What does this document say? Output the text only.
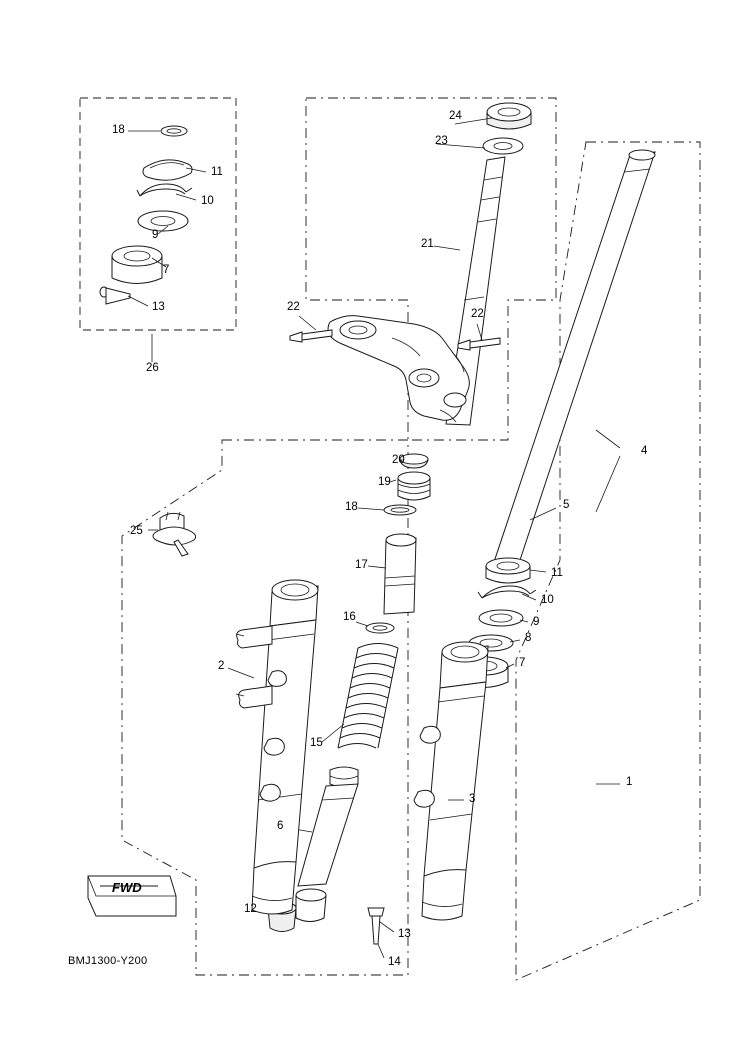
18
11
10
9
7
13
26
24
23
21
22
22
20
19
18
17
16
15
6
12
2
25
4
5
11
10
9
8
7
3
1
13
14
FWD
BMJ1300-Y200
